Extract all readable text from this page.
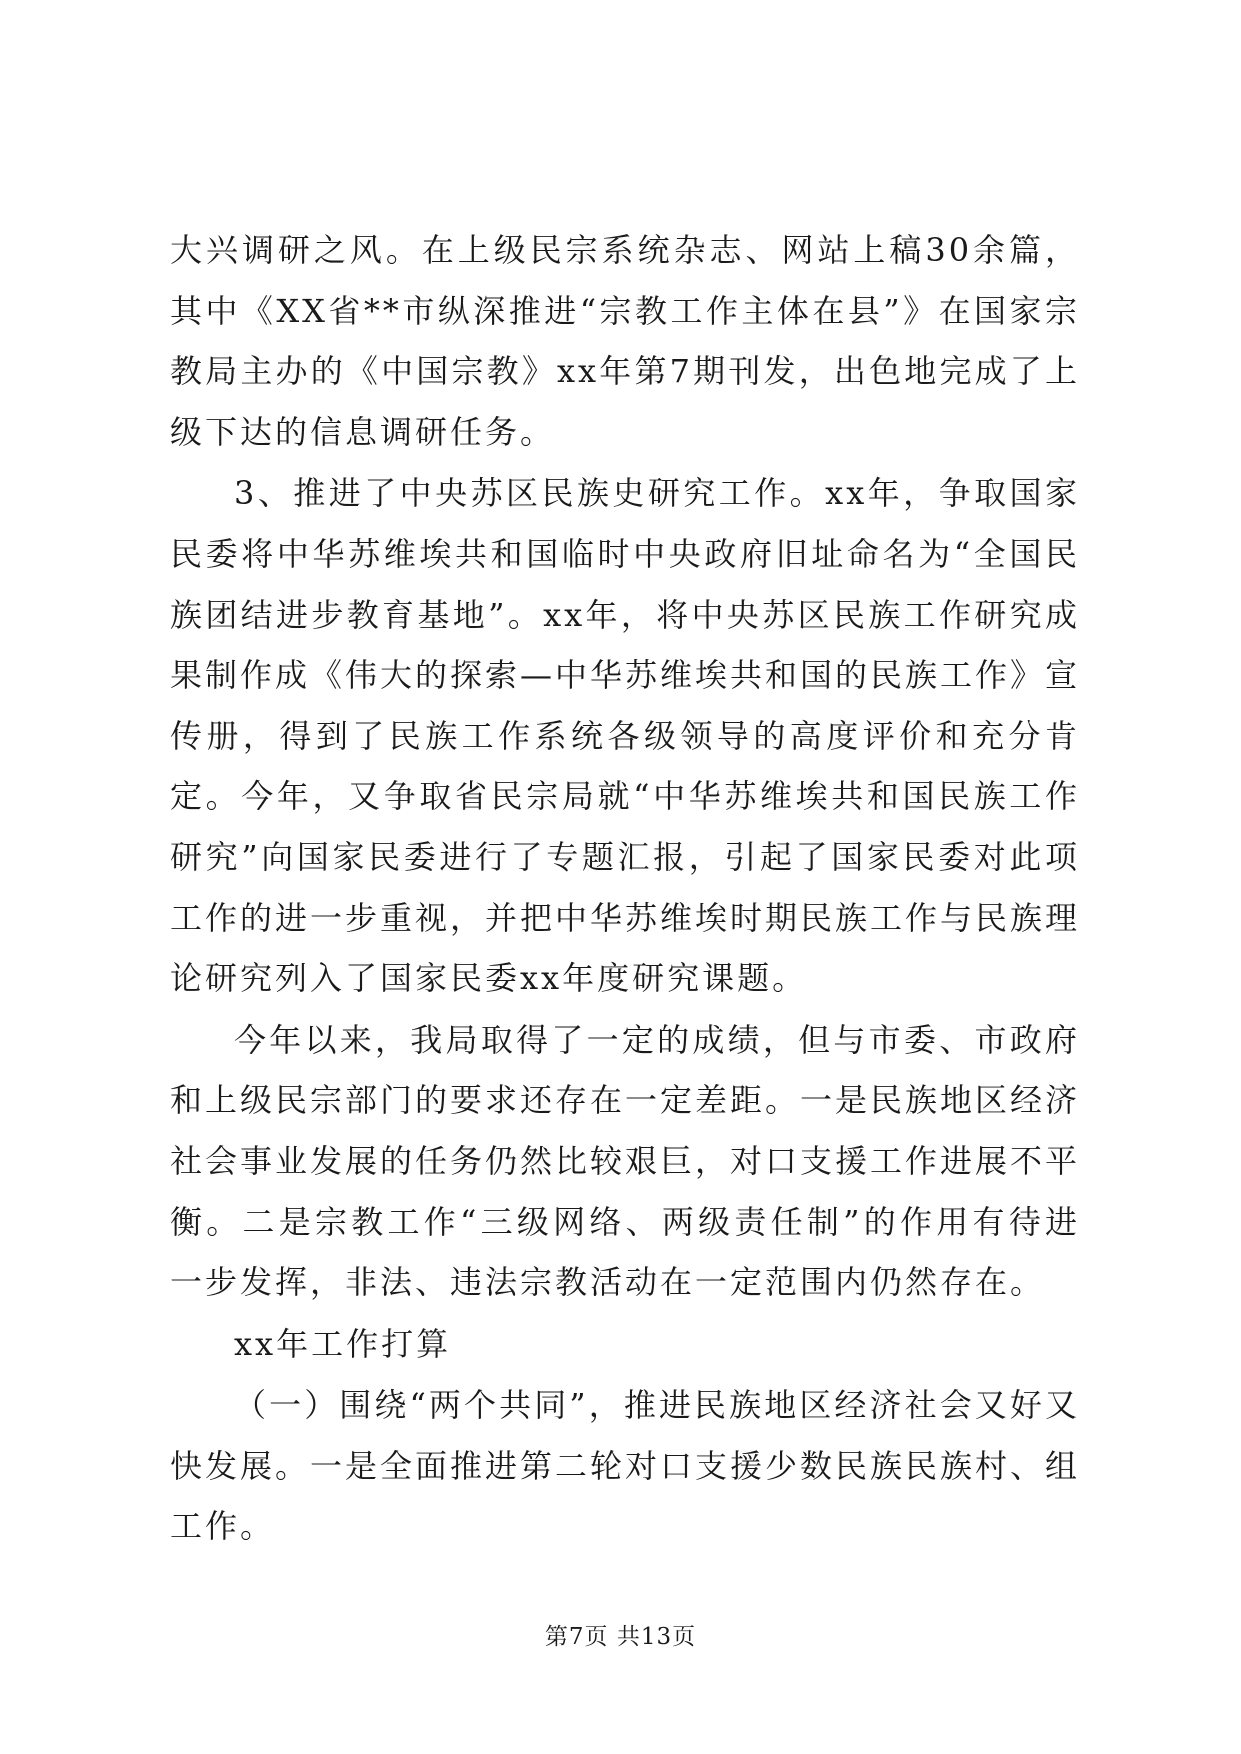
大兴调研之风。在上级民宗系统杂志、网站上稿30余篇，其中《XX省**市纵深推进“宗教工作主体在县”》在国家宗教局主办的《中国宗教》xx年第7期刊发，出色地完成了上级下达的信息调研任务。

3、推进了中央苏区民族史研究工作。xx年，争取国家民委将中华苏维埃共和国临时中央政府旧址命名为“全国民族团结进步教育基地”。xx年，将中央苏区民族工作研究成果制作成《伟大的探索—中华苏维埃共和国的民族工作》宣传册，得到了民族工作系统各级领导的高度评价和充分肯定。今年，又争取省民宗局就“中华苏维埃共和国民族工作研究”向国家民委进行了专题汇报，引起了国家民委对此项工作的进一步重视，并把中华苏维埃时期民族工作与民族理论研究列入了国家民委xx年度研究课题。

今年以来，我局取得了一定的成绩，但与市委、市政府和上级民宗部门的要求还存在一定差距。一是民族地区经济社会事业发展的任务仍然比较艰巨，对口支援工作进展不平衡。二是宗教工作“三级网络、两级责任制”的作用有待进一步发挥，非法、违法宗教活动在一定范围内仍然存在。

xx年工作打算

（一）围绕“两个共同”，推进民族地区经济社会又好又快发展。一是全面推进第二轮对口支援少数民族民族村、组工作。

第7页 共13页
